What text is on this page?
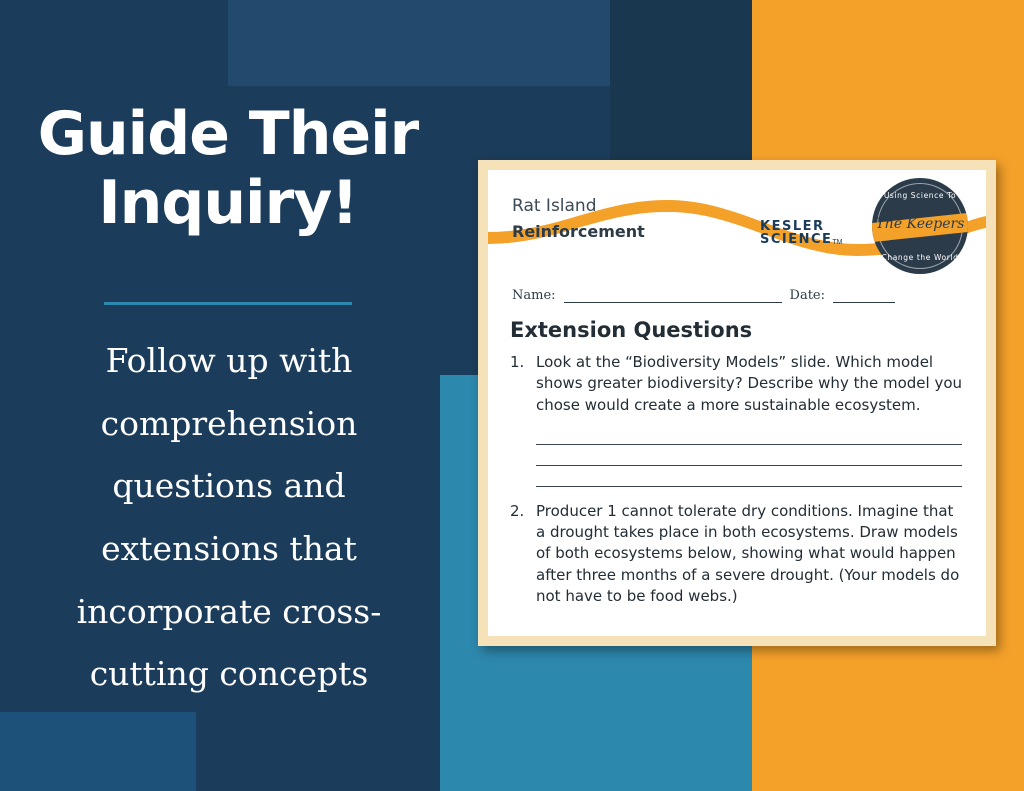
Guide Their
Inquiry!
Follow up with comprehension questions and extensions that incorporate cross-cutting concepts
Rat Island
Reinforcement	KESLER
SCIENCE TM
Using Science To
The Keepers
Change the World
Name:	Date:
Extension Questions
1. Look at the “Biodiversity Models” slide. Which model shows greater biodiversity? Describe why the model you chose would create a more sustainable ecosystem.
2. Producer 1 cannot tolerate dry conditions. Imagine that a drought takes place in both ecosystems. Draw models of both ecosystems below, showing what would happen after three months of a severe drought. (Your models do not have to be food webs.)
